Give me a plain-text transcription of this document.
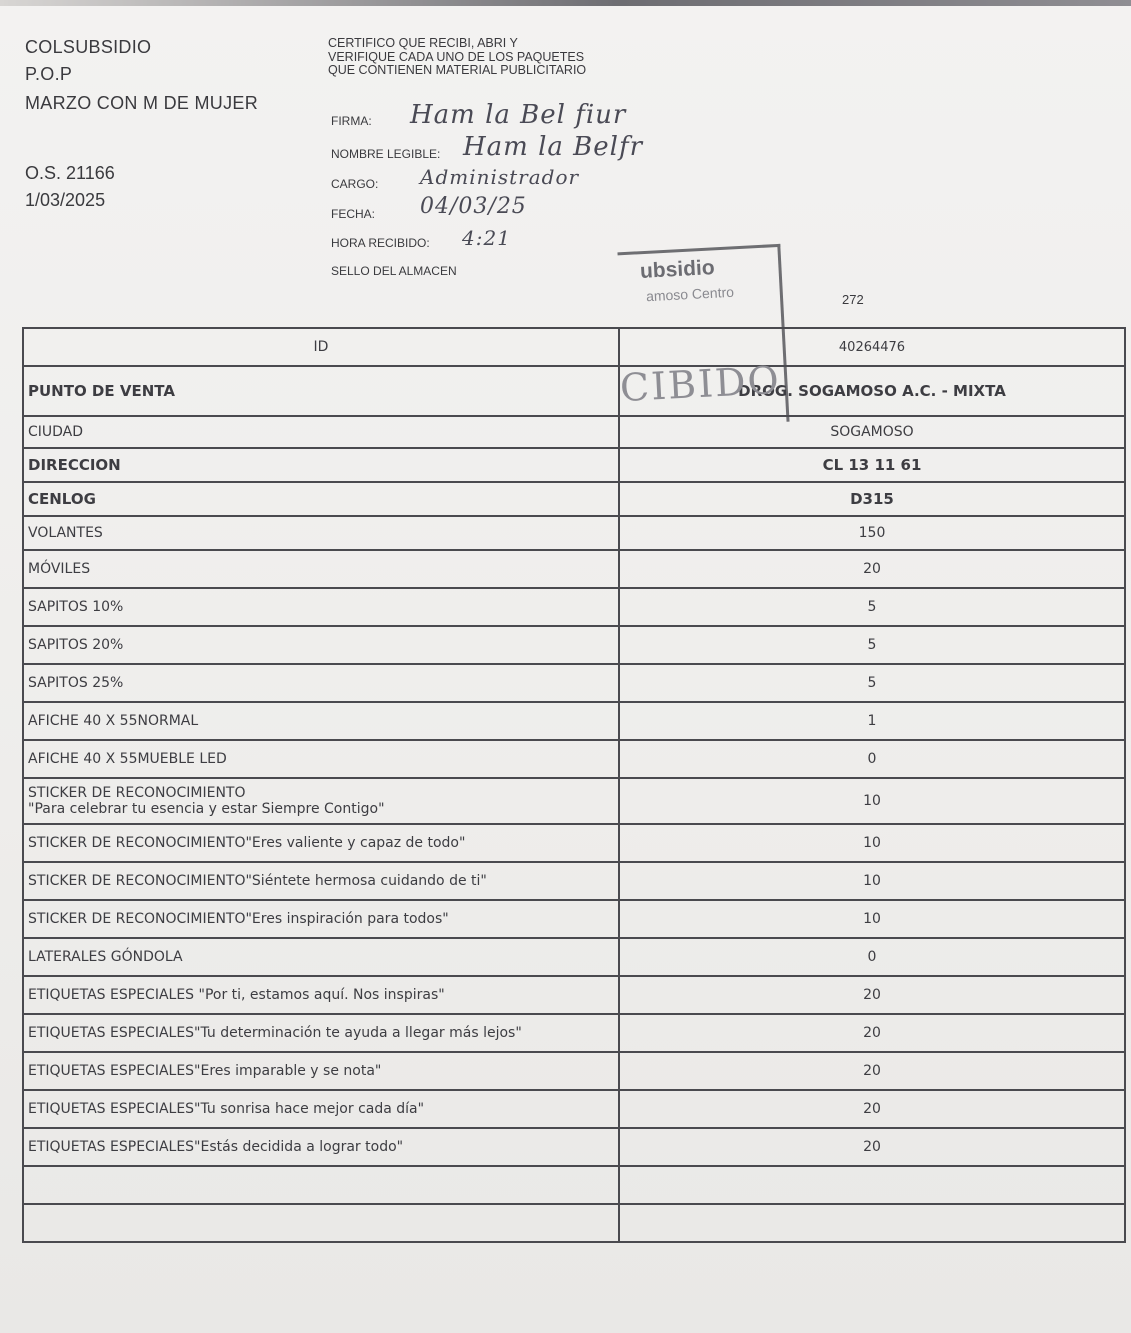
COLSUBSIDIO
P.O.P
MARZO CON M DE MUJER
O.S. 21166
1/03/2025
CERTIFICO QUE RECIBI, ABRI Y VERIFIQUE CADA UNO DE LOS PAQUETES QUE CONTIENEN MATERIAL PUBLICITARIO
FIRMA: Ham la Bel fiur
NOMBRE LEGIBLE: Ham la Belfr
CARGO: Administrador
FECHA: 04/03/25
HORA RECIBIDO: 4:21
SELLO DEL ALMACEN	ubsidio
amoso Centro	272
ID	40264476

PUNTO DE VENTA	DROG. SOGAMOSO A.C. - MIXTA

CIUDAD	SOGAMOSO

DIRECCION	CL 13 11 61

CENLOG	D315

VOLANTES	150

MÓVILES	20

SAPITOS 10%	5

SAPITOS 20%	5

SAPITOS 25%	5

AFICHE 40 X 55NORMAL	1

AFICHE 40 X 55MUEBLE LED	0

STICKER DE RECONOCIMIENTO
"Para celebrar tu esencia y estar Siempre Contigo"	10

STICKER DE RECONOCIMIENTO"Eres valiente y capaz de todo"	10

STICKER DE RECONOCIMIENTO"Siéntete hermosa cuidando de ti"	10

STICKER DE RECONOCIMIENTO"Eres inspiración para todos"	10

LATERALES GÓNDOLA	0

ETIQUETAS ESPECIALES "Por ti, estamos aquí. Nos inspiras"	20

ETIQUETAS ESPECIALES"Tu determinación te ayuda a llegar más lejos"	20

ETIQUETAS ESPECIALES"Eres imparable y se nota"	20

ETIQUETAS ESPECIALES"Tu sonrisa hace mejor cada día"	20

ETIQUETAS ESPECIALES"Estás decidida a lograr todo"	20

CIBIDO
